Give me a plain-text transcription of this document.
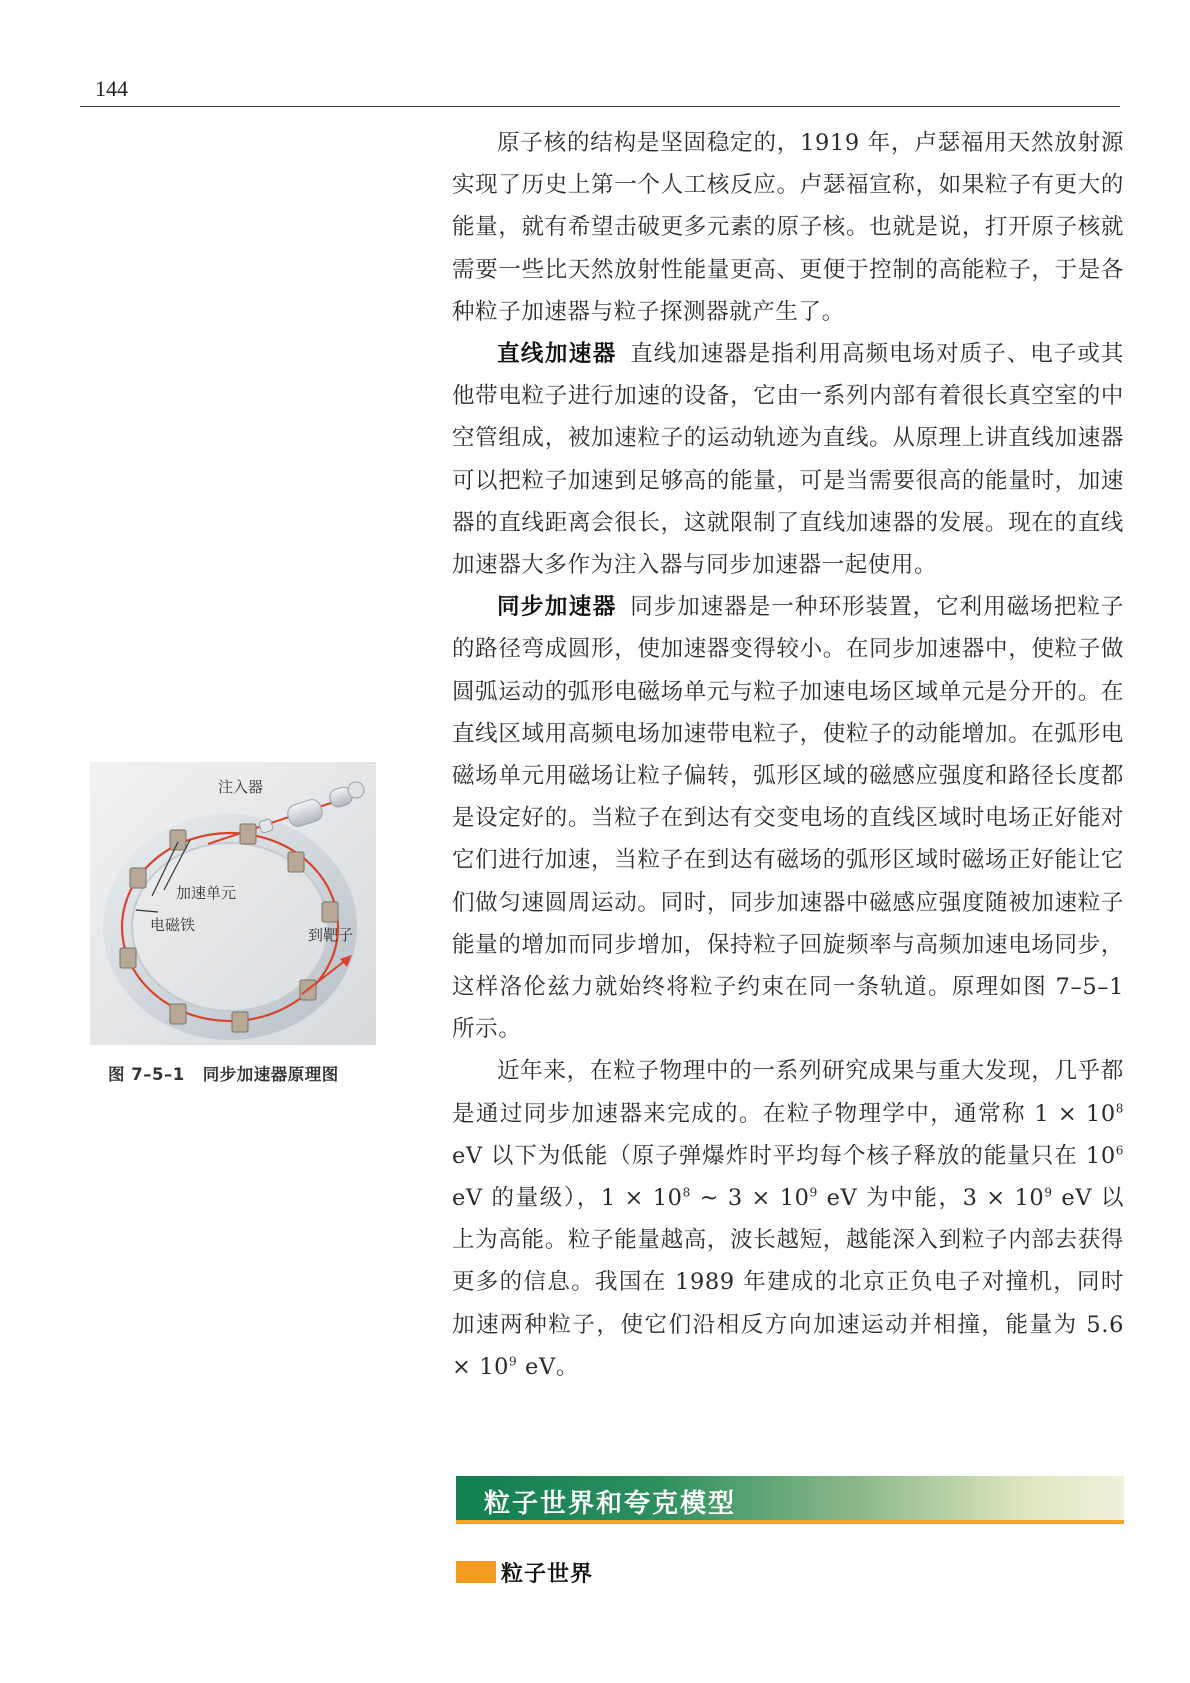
144
注入器
加速单元
电磁铁
到靶子
图 7–5–1 同步加速器原理图

原子核的结构是坚固稳定的，1919 年，卢瑟福用天然放射源实现了历史上第一个人工核反应。卢瑟福宣称，如果粒子有更大的能量，就有希望击破更多元素的原子核。也就是说，打开原子核就需要一些比天然放射性能量更高、更便于控制的高能粒子，于是各种粒子加速器与粒子探测器就产生了。

直线加速器 直线加速器是指利用高频电场对质子、电子或其他带电粒子进行加速的设备，它由一系列内部有着很长真空室的中空管组成，被加速粒子的运动轨迹为直线。从原理上讲直线加速器可以把粒子加速到足够高的能量，可是当需要很高的能量时，加速器的直线距离会很长，这就限制了直线加速器的发展。现在的直线加速器大多作为注入器与同步加速器一起使用。

同步加速器 同步加速器是一种环形装置，它利用磁场把粒子的路径弯成圆形，使加速器变得较小。在同步加速器中，使粒子做圆弧运动的弧形电磁场单元与粒子加速电场区域单元是分开的。在直线区域用高频电场加速带电粒子，使粒子的动能增加。在弧形电磁场单元用磁场让粒子偏转，弧形区域的磁感应强度和路径长度都是设定好的。当粒子在到达有交变电场的直线区域时电场正好能对它们进行加速，当粒子在到达有磁场的弧形区域时磁场正好能让它们做匀速圆周运动。同时，同步加速器中磁感应强度随被加速粒子能量的增加而同步增加，保持粒子回旋频率与高频加速电场同步，这样洛伦兹力就始终将粒子约束在同一条轨道。原理如图 7–5–1 所示。

近年来，在粒子物理中的一系列研究成果与重大发现，几乎都是通过同步加速器来完成的。在粒子物理学中，通常称 $1 \times 10^8$ eV 以下为低能（原子弹爆炸时平均每个核子释放的能量只在 $10^6$ eV 的量级），$1 \times 10^8$ ~ $3 \times 10^9$ eV 为中能，$3 \times 10^9$ eV 以上为高能。粒子能量越高，波长越短，越能深入到粒子内部去获得更多的信息。我国在 1989 年建成的北京正负电子对撞机，同时加速两种粒子，使它们沿相反方向加速运动并相撞，能量为 $5.6 \times 10^9$ eV。

粒子世界和夸克模型
粒子世界
